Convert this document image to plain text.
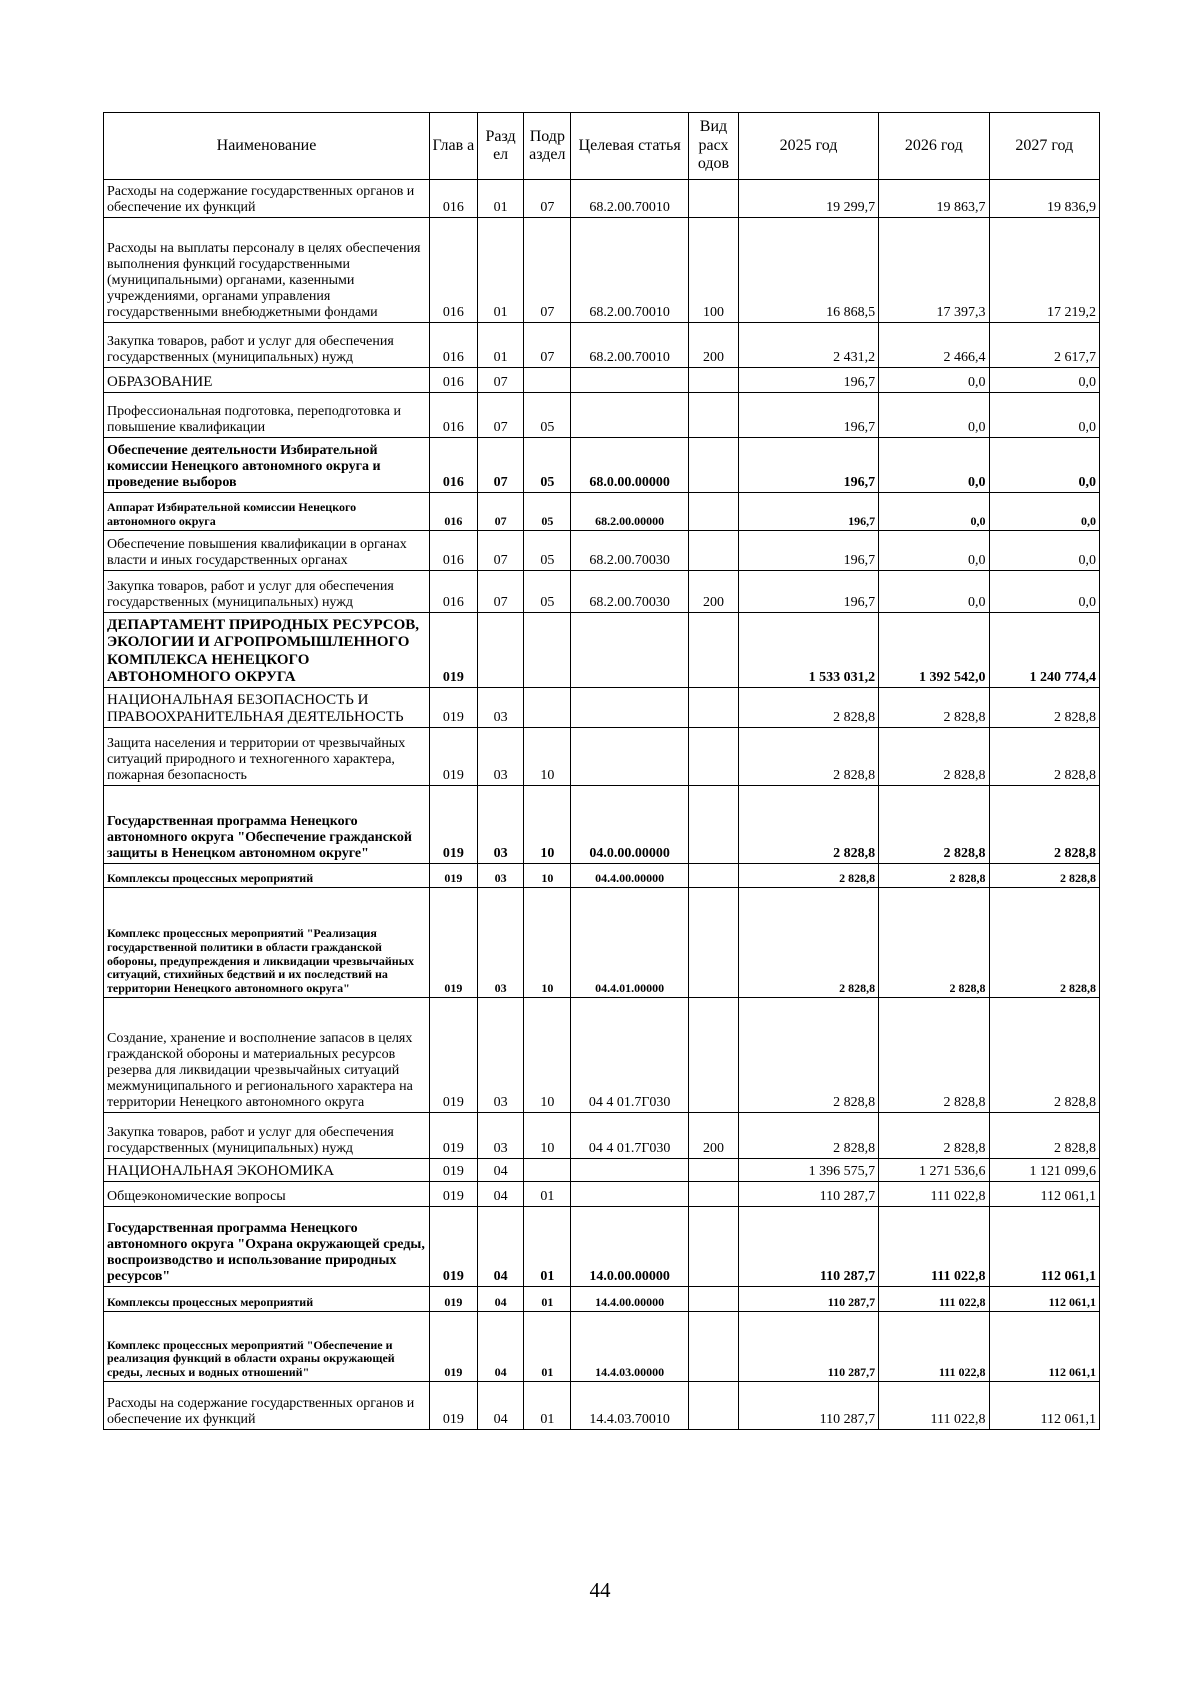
Наименование	Глав а	Разд ел	Подр аздел	Целевая статья	Вид расх одов	2025 год	2026 год	2027 год
Расходы на содержание государственных органов и обеспечение их функций	016	01	07	68.2.00.70010		19 299,7	19 863,7	19 836,9
Расходы на выплаты персоналу в целях обеспечения выполнения функций государственными (муниципальными) органами, казенными учреждениями, органами управления государственными внебюджетными фондами	016	01	07	68.2.00.70010	100	16 868,5	17 397,3	17 219,2
Закупка товаров, работ и услуг для обеспечения государственных (муниципальных) нужд	016	01	07	68.2.00.70010	200	2 431,2	2 466,4	2 617,7
ОБРАЗОВАНИЕ	016	07				196,7	0,0	0,0
Профессиональная подготовка, переподготовка и повышение квалификации	016	07	05			196,7	0,0	0,0
Обеспечение деятельности Избирательной комиссии Ненецкого автономного округа и проведение выборов	016	07	05	68.0.00.00000		196,7	0,0	0,0
Аппарат Избирательной комиссии Ненецкого автономного округа	016	07	05	68.2.00.00000		196,7	0,0	0,0
Обеспечение повышения квалификации в органах власти и иных государственных органах	016	07	05	68.2.00.70030		196,7	0,0	0,0
Закупка товаров, работ и услуг для обеспечения государственных (муниципальных) нужд	016	07	05	68.2.00.70030	200	196,7	0,0	0,0
ДЕПАРТАМЕНТ ПРИРОДНЫХ РЕСУРСОВ, ЭКОЛОГИИ И АГРОПРОМЫШЛЕННОГО КОМПЛЕКСА НЕНЕЦКОГО АВТОНОМНОГО ОКРУГА	019					1 533 031,2	1 392 542,0	1 240 774,4
НАЦИОНАЛЬНАЯ БЕЗОПАСНОСТЬ И ПРАВООХРАНИТЕЛЬНАЯ ДЕЯТЕЛЬНОСТЬ	019	03				2 828,8	2 828,8	2 828,8
Защита населения и территории от чрезвычайных ситуаций природного и техногенного характера, пожарная безопасность	019	03	10			2 828,8	2 828,8	2 828,8
Государственная программа Ненецкого автономного округа "Обеспечение гражданской защиты в Ненецком автономном округе"	019	03	10	04.0.00.00000		2 828,8	2 828,8	2 828,8
Комплексы процессных мероприятий	019	03	10	04.4.00.00000		2 828,8	2 828,8	2 828,8
Комплекс процессных мероприятий "Реализация государственной политики в области гражданской обороны, предупреждения и ликвидации чрезвычайных ситуаций, стихийных бедствий и их последствий на территории Ненецкого автономного округа"	019	03	10	04.4.01.00000		2 828,8	2 828,8	2 828,8
Создание, хранение и восполнение запасов в целях гражданской обороны и материальных ресурсов резерва для ликвидации чрезвычайных ситуаций межмуниципального и регионального характера на территории Ненецкого автономного округа	019	03	10	04 4 01.7Г030		2 828,8	2 828,8	2 828,8
Закупка товаров, работ и услуг для обеспечения государственных (муниципальных) нужд	019	03	10	04 4 01.7Г030	200	2 828,8	2 828,8	2 828,8
НАЦИОНАЛЬНАЯ ЭКОНОМИКА	019	04				1 396 575,7	1 271 536,6	1 121 099,6
Общеэкономические вопросы	019	04	01			110 287,7	111 022,8	112 061,1
Государственная программа Ненецкого автономного округа "Охрана окружающей среды, воспроизводство и использование природных ресурсов"	019	04	01	14.0.00.00000		110 287,7	111 022,8	112 061,1
Комплексы процессных мероприятий	019	04	01	14.4.00.00000		110 287,7	111 022,8	112 061,1
Комплекс процессных мероприятий "Обеспечение и реализация функций в области охраны окружающей среды, лесных и водных отношений"	019	04	01	14.4.03.00000		110 287,7	111 022,8	112 061,1
Расходы на содержание государственных органов и обеспечение их функций	019	04	01	14.4.03.70010		110 287,7	111 022,8	112 061,1
44
